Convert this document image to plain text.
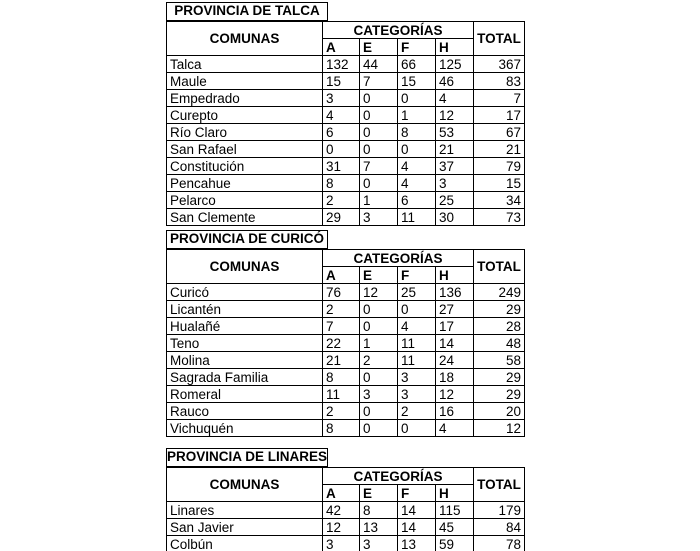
PROVINCIA DE TALCA
COMUNAS	CATEGORÍAS				TOTAL
	A	E	F	H	
Talca	132	44	66	125	367
Maule	15	7	15	46	83
Empedrado	3	0	0	4	7
Curepto	4	0	1	12	17
Río Claro	6	0	8	53	67
San Rafael	0	0	0	21	21
Constitución	31	7	4	37	79
Pencahue	8	0	4	3	15
Pelarco	2	1	6	25	34
San Clemente	29	3	11	30	73
PROVINCIA DE CURICÓ
COMUNAS	CATEGORÍAS				TOTAL
	A	E	F	H	
Curicó	76	12	25	136	249
Licantén	2	0	0	27	29
Hualañé	7	0	4	17	28
Teno	22	1	11	14	48
Molina	21	2	11	24	58
Sagrada Familia	8	0	3	18	29
Romeral	11	3	3	12	29
Rauco	2	0	2	16	20
Vichuquén	8	0	0	4	12
PROVINCIA DE LINARES
COMUNAS	CATEGORÍAS				TOTAL
	A	E	F	H	
Linares	42	8	14	115	179
San Javier	12	13	14	45	84
Colbún	3	3	13	59	78
